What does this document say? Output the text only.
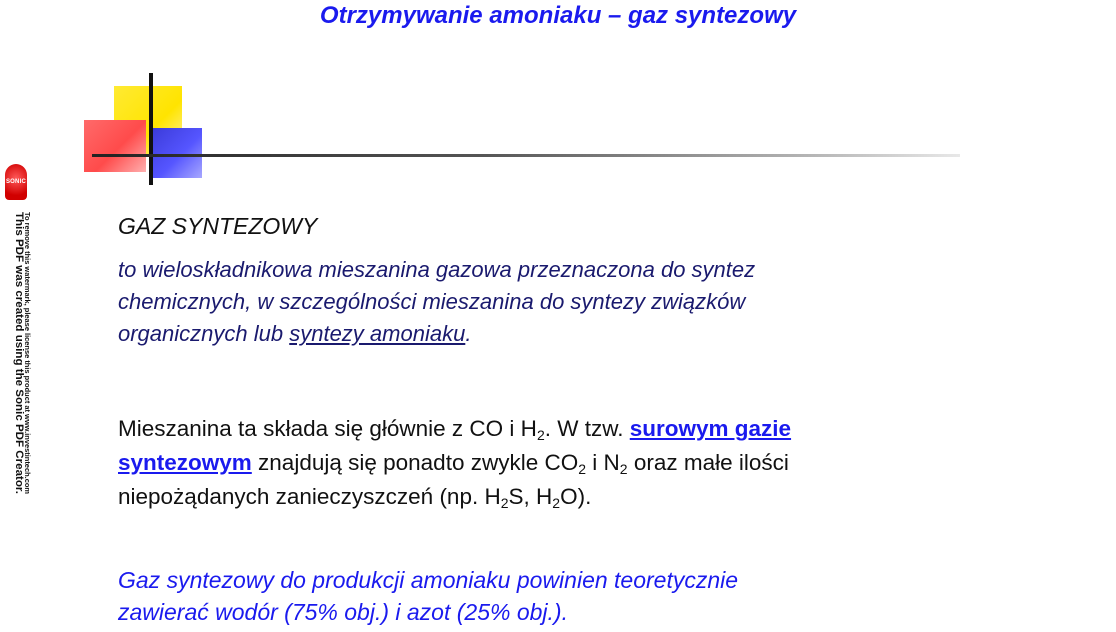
Otrzymywanie amoniaku – gaz syntezowy
SONIC
This PDF was created using the Sonic PDF Creator.
To remove this watermark, please license this product at www.investintech.com	GAZ SYNTEZOWY
to wieloskładnikowa mieszanina gazowa przeznaczona do syntez
chemicznych, w szczególności mieszanina do syntezy związków
organicznych lub syntezy amoniaku.
Mieszanina ta składa się głównie z CO i $H_2$. W tzw. surowym gazie
syntezowym znajdują się ponadto zwykle $CO_2$ i $N_2$ oraz małe ilości
niepożądanych zanieczyszczeń (np. $H_2S$, $H_2O$).
Gaz syntezowy do produkcji amoniaku powinien teoretycznie
zawierać wodór (75% obj.) i azot (25% obj.).
